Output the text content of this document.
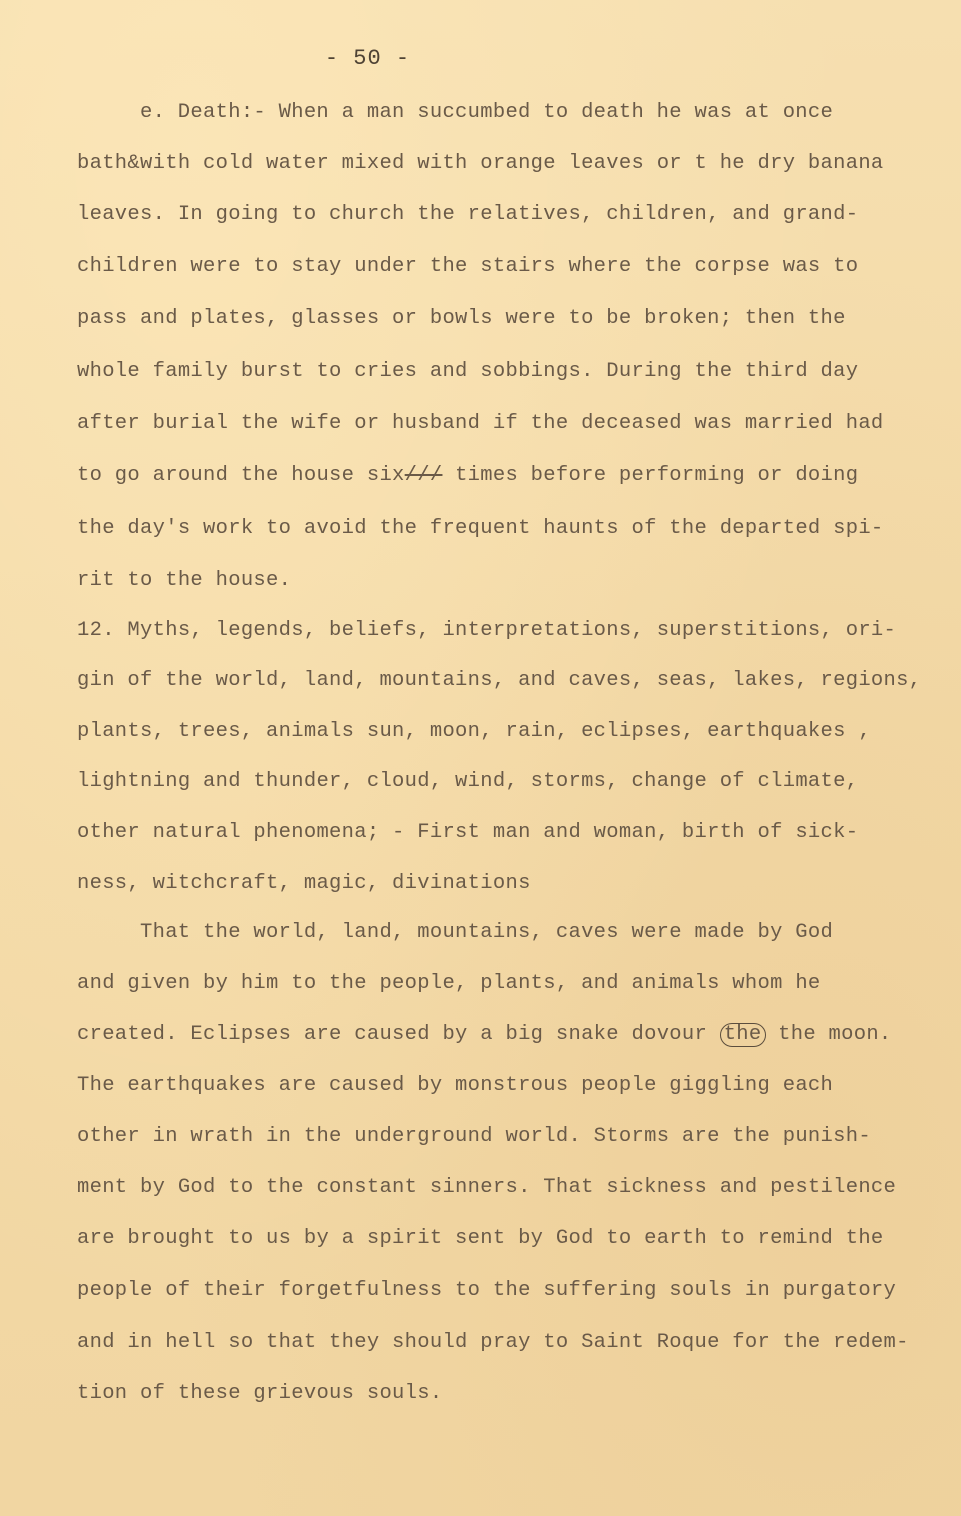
- 50 -
e. Death:- When a man succumbed to death he was at once
bath&with cold water mixed with orange leaves or t he dry banana
leaves. In going to church the relatives, children, and grand-
children were to stay under the stairs where the corpse was to
pass and plates, glasses or bowls were to be broken; then the
whole family burst to cries and sobbings. During the third day
after burial the wife or husband if the deceased was married had
to go around the house six/// times before performing or doing
the day's work to avoid the frequent haunts of the departed spi-
rit to the house.
12. Myths, legends, beliefs, interpretations, superstitions, ori-
gin of the world, land, mountains, and caves, seas, lakes, regions,
plants, trees, animals sun, moon, rain, eclipses, earthquakes ,
lightning and thunder, cloud, wind, storms, change of climate,
other natural phenomena; - First man and woman, birth of sick-
ness, witchcraft, magic, divinations
That the world, land, mountains, caves were made by God
and given by him to the people, plants, and animals whom he
created. Eclipses are caused by a big snake dovour the the moon.
The earthquakes are caused by monstrous people giggling each
other in wrath in the underground world. Storms are the punish-
ment by God to the constant sinners. That sickness and pestilence
are brought to us by a spirit sent by God to earth to remind the
people of their forgetfulness to the suffering souls in purgatory
and in hell so that they should pray to Saint Roque for the redem-
tion of these grievous souls.
